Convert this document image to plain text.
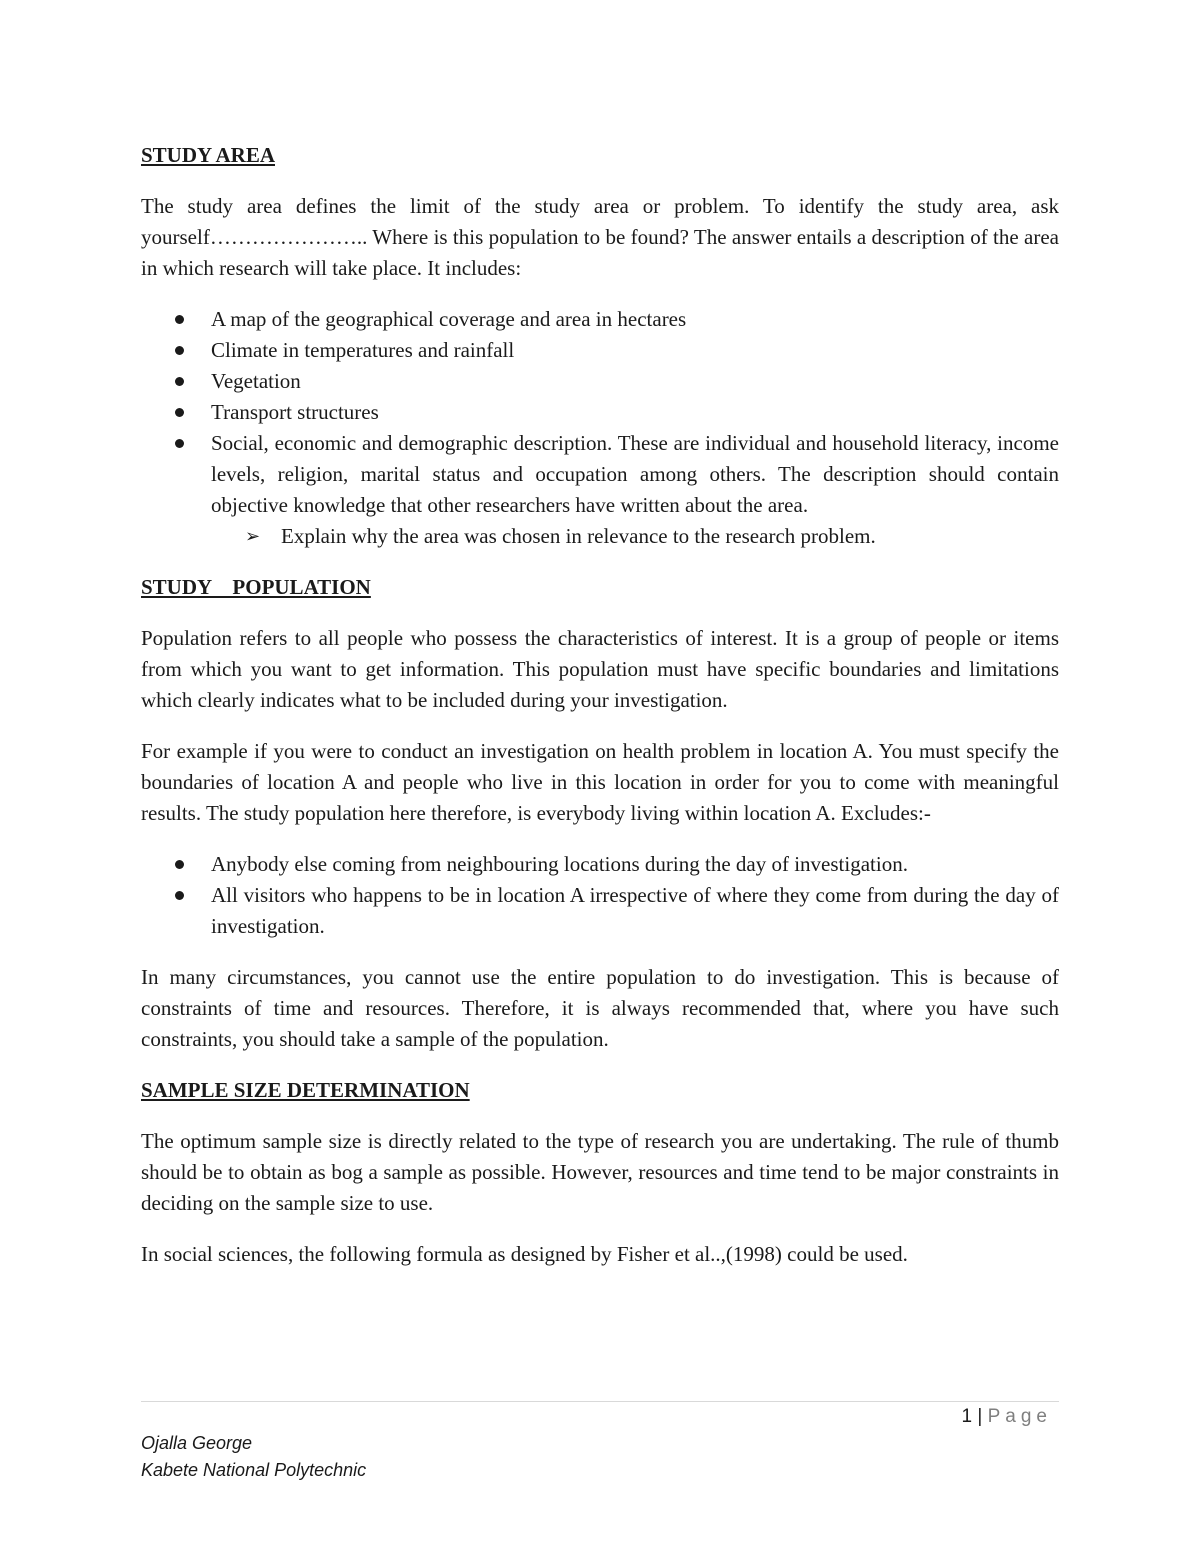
STUDY AREA

The study area defines the limit of the study area or problem. To identify the study area, ask yourself………………….. Where is this population to be found? The answer entails a description of the area in which research will take place. It includes:

A map of the geographical coverage and area in hectares
Climate in temperatures and rainfall
Vegetation
Transport structures
Social, economic and demographic description. These are individual and household literacy, income levels, religion, marital status and occupation among others. The description should contain objective knowledge that other researchers have written about the area.
➢ Explain why the area was chosen in relevance to the research problem.
STUDY    POPULATION

Population refers to all people who possess the characteristics of interest. It is a group of people or items from which you want to get information. This population must have specific boundaries and limitations which clearly indicates what to be included during your investigation.

For example if you were to conduct an investigation on health problem in location A. You must specify the boundaries of location A and people who live in this location in order for you to come with meaningful results. The study population here therefore, is everybody living within location A. Excludes:-

Anybody else coming from neighbouring locations during the day of investigation.
All visitors who happens to be in location A irrespective of where they come from during the day of investigation.

In many circumstances, you cannot use the entire population to do investigation. This is because of constraints of time and resources. Therefore, it is always recommended that, where you have such constraints, you should take a sample of the population.

SAMPLE SIZE DETERMINATION

The optimum sample size is directly related to the type of research you are undertaking. The rule of thumb should be to obtain as bog a sample as possible. However, resources and time tend to be major constraints in deciding on the sample size to use.

In social sciences, the following formula as designed by Fisher et al..,(1998) could be used.

1 | Page
Ojalla George
Kabete National Polytechnic
